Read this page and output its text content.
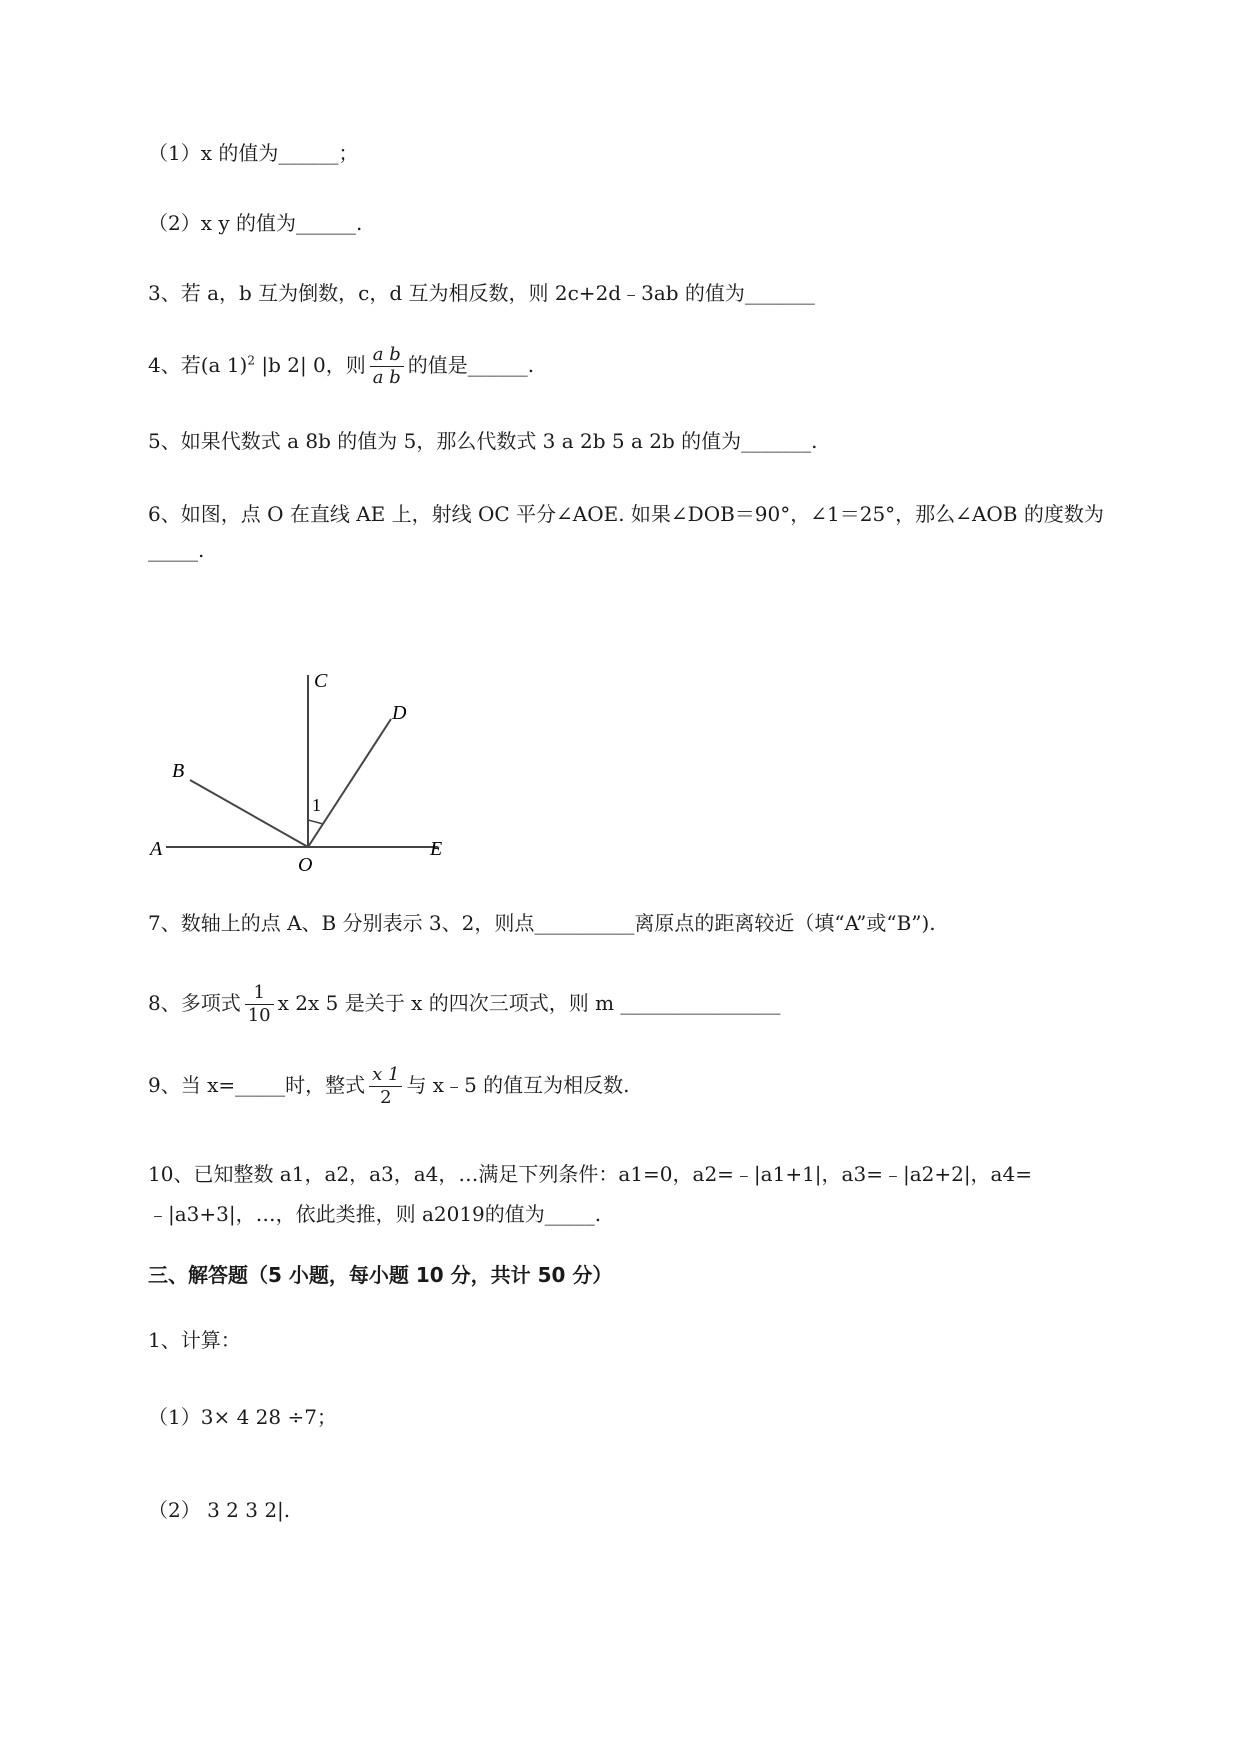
（1）x 的值为______；
（2）x y 的值为______.
3、若 a，b 互为倒数，c，d 互为相反数，则 2c+2d﹣3ab 的值为_______
4、若(a 1)$^2$ |b 2| 0，则 $\frac{\text{a b}}{\text{a b}}$ 的值是______.
5、如果代数式 a 8b 的值为 5，那么代数式 3 a 2b 5 a 2b 的值为_______.
6、如图，点 O 在直线 AE 上，射线 OC 平分∠AOE. 如果∠DOB＝90°，∠1＝25°，那么∠AOB 的度数为_____.
A
B
C
D
E
O
1
7、数轴上的点 A、B 分别表示 3、2，则点__________离原点的距离较近（填“A”或“B”).
8、多项式 $\frac{1}{10}$ x 2x 5 是关于 x 的四次三项式，则 m ________________
9、当 x=_____时，整式 $\frac{x 1}{2}$ 与 x﹣5 的值互为相反数.
10、已知整数 a1，a2，a3，a4，…满足下列条件：a1=0，a2=﹣|a1+1|，a3=﹣|a2+2|，a4=﹣|a3+3|，…，依此类推，则 a2019的值为_____.
三、解答题（5 小题，每小题 10 分，共计 50 分）
1、计算：
（1）3× 4 28 ÷7；
（2） 3 2 3 2|.
